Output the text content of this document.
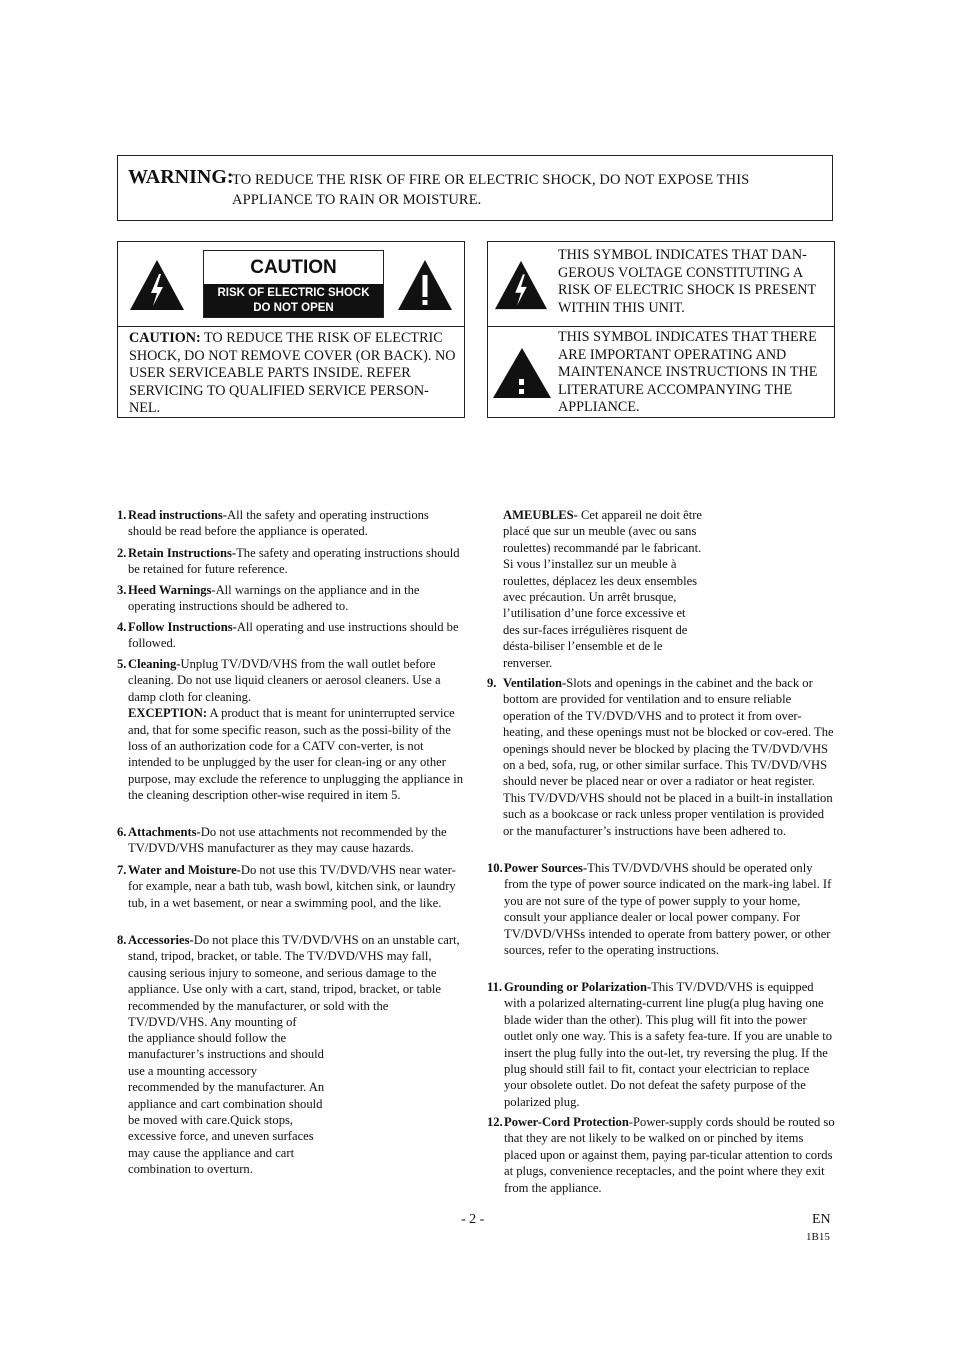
WARNING:
TO REDUCE THE RISK OF FIRE OR ELECTRIC SHOCK, DO NOT EXPOSE THIS APPLIANCE TO RAIN OR MOISTURE.
CAUTION
RISK OF ELECTRIC SHOCK
DO NOT OPEN
CAUTION: TO REDUCE THE RISK OF ELECTRIC SHOCK, DO NOT REMOVE COVER (OR BACK). NO USER SERVICEABLE PARTS INSIDE. REFER SERVICING TO QUALIFIED SERVICE PERSON-NEL.
THIS SYMBOL INDICATES THAT DAN-GEROUS VOLTAGE CONSTITUTING A RISK OF ELECTRIC SHOCK IS PRESENT WITHIN THIS UNIT.
THIS SYMBOL INDICATES THAT THERE ARE IMPORTANT OPERATING AND MAINTENANCE INSTRUCTIONS IN THE LITERATURE ACCOMPANYING THE APPLIANCE.
1. Read instructions-All the safety and operating instructions should be read before the appliance is operated.
2. Retain Instructions-The safety and operating instructions should be retained for future reference.
3. Heed Warnings-All warnings on the appliance and in the operating instructions should be adhered to.
4. Follow Instructions-All operating and use instructions should be followed.
5. Cleaning-Unplug TV/DVD/VHS from the wall outlet before cleaning. Do not use liquid cleaners or aerosol cleaners. Use a damp cloth for cleaning.
EXCEPTION: A product that is meant for uninterrupted service and, that for some specific reason, such as the possi-bility of the loss of an authorization code for a CATV con-verter, is not intended to be unplugged by the user for clean-ing or any other purpose, may exclude the reference to unplugging the appliance in the cleaning description other-wise required in item 5.
6. Attachments-Do not use attachments not recommended by the TV/DVD/VHS manufacturer as they may cause hazards.
7. Water and Moisture-Do not use this TV/DVD/VHS near water-for example, near a bath tub, wash bowl, kitchen sink, or laundry tub, in a wet basement, or near a swimming pool, and the like.
8. Accessories-Do not place this TV/DVD/VHS on an unstable cart, stand, tripod, bracket, or table. The TV/DVD/VHS may fall, causing serious injury to someone, and serious damage to the appliance. Use only with a cart, stand, tripod, bracket, or table recommended by the manufacturer, or sold with the TV/DVD/VHS. Any mounting of
the appliance should follow the manufacturer’s instructions and should use a mounting accessory recommended by the manufacturer. An appliance and cart combination should be moved with care.Quick stops, excessive force, and uneven surfaces may cause the appliance and cart combination to overturn.
AMEUBLES- Cet appareil ne doit être placé que sur un meuble (avec ou sans roulettes) recommandé par le fabricant. Si vous l’installez sur un meuble à roulettes, déplacez les deux ensembles avec précaution. Un arrêt brusque, l’utilisation d’une force excessive et des sur-faces irrégulières risquent de désta-biliser l’ensemble et de le renverser.
9. Ventilation-Slots and openings in the cabinet and the back or bottom are provided for ventilation and to ensure reliable operation of the TV/DVD/VHS and to protect it from over-heating, and these openings must not be blocked or cov-ered. The openings should never be blocked by placing the TV/DVD/VHS on a bed, sofa, rug, or other similar surface. This TV/DVD/VHS should never be placed near or over a radiator or heat register. This TV/DVD/VHS should not be placed in a built-in installation such as a bookcase or rack unless proper ventilation is provided or the manufacturer’s instructions have been adhered to.
10. Power Sources-This TV/DVD/VHS should be operated only from the type of power source indicated on the mark-ing label. If you are not sure of the type of power supply to your home, consult your appliance dealer or local power company. For TV/DVD/VHSs intended to operate from battery power, or other sources, refer to the operating instructions.
11. Grounding or Polarization-This TV/DVD/VHS is equipped with a polarized alternating-current line plug(a plug having one blade wider than the other). This plug will fit into the power outlet only one way. This is a safety fea-ture. If you are unable to insert the plug fully into the out-let, try reversing the plug. If the plug should still fail to fit, contact your electrician to replace your obsolete outlet. Do not defeat the safety purpose of the polarized plug.
12. Power-Cord Protection-Power-supply cords should be routed so that they are not likely to be walked on or pinched by items placed upon or against them, paying par-ticular attention to cords at plugs, convenience receptacles, and the point where they exit from the appliance.
- 2 -	EN
1B15
